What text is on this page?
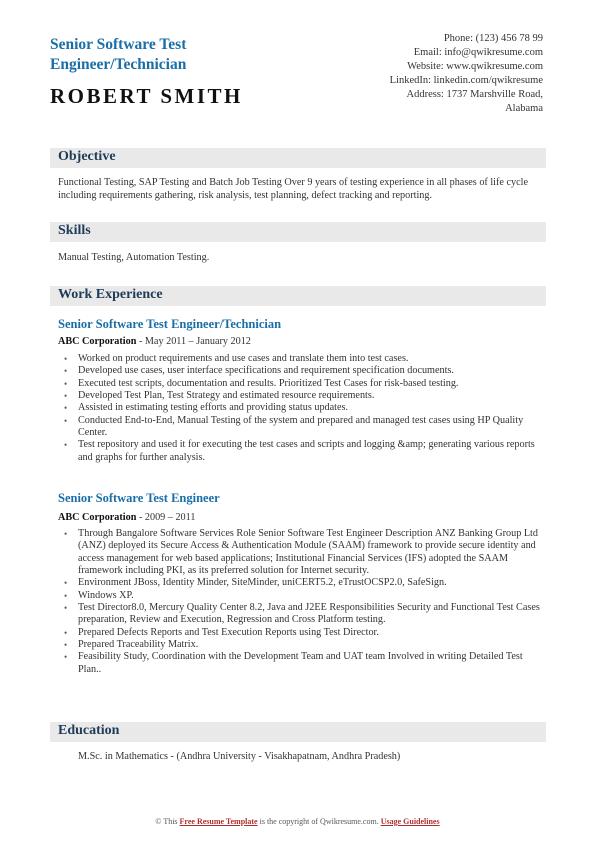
Senior Software Test Engineer/Technician
ROBERT SMITH
Phone: (123) 456 78 99
Email: info@qwikresume.com
Website: www.qwikresume.com
LinkedIn: linkedin.com/qwikresume
Address: 1737 Marshville Road,
Alabama
Objective
Functional Testing, SAP Testing and Batch Job Testing Over 9 years of testing experience in all phases of life cycle including requirements gathering, risk analysis, test planning, defect tracking and reporting.
Skills
Manual Testing, Automation Testing.
Work Experience
Senior Software Test Engineer/Technician
ABC Corporation - May 2011 – January 2012
• Worked on product requirements and use cases and translate them into test cases.
• Developed use cases, user interface specifications and requirement specification documents.
• Executed test scripts, documentation and results. Prioritized Test Cases for risk-based testing.
• Developed Test Plan, Test Strategy and estimated resource requirements.
• Assisted in estimating testing efforts and providing status updates.
• Conducted End-to-End, Manual Testing of the system and prepared and managed test cases using HP Quality Center.
• Test repository and used it for executing the test cases and scripts and logging &amp; generating various reports and graphs for further analysis.
Senior Software Test Engineer
ABC Corporation - 2009 – 2011
• Through Bangalore Software Services Role Senior Software Test Engineer Description ANZ Banking Group Ltd (ANZ) deployed its Secure Access & Authentication Module (SAAM) framework to provide secure identity and access management for web based applications; Institutional Financial Services (IFS) adopted the SAAM framework including PKI, as its preferred solution for Internet security.
• Environment JBoss, Identity Minder, SiteMinder, uniCERT5.2, eTrustOCSP2.0, SafeSign.
• Windows XP.
• Test Director8.0, Mercury Quality Center 8.2, Java and J2EE Responsibilities Security and Functional Test Cases preparation, Review and Execution, Regression and Cross Platform testing.
• Prepared Defects Reports and Test Execution Reports using Test Director.
• Prepared Traceability Matrix.
• Feasibility Study, Coordination with the Development Team and UAT team Involved in writing Detailed Test Plan..
Education
M.Sc. in Mathematics - (Andhra University - Visakhapatnam, Andhra Pradesh)
© This Free Resume Template is the copyright of Qwikresume.com. Usage Guidelines
